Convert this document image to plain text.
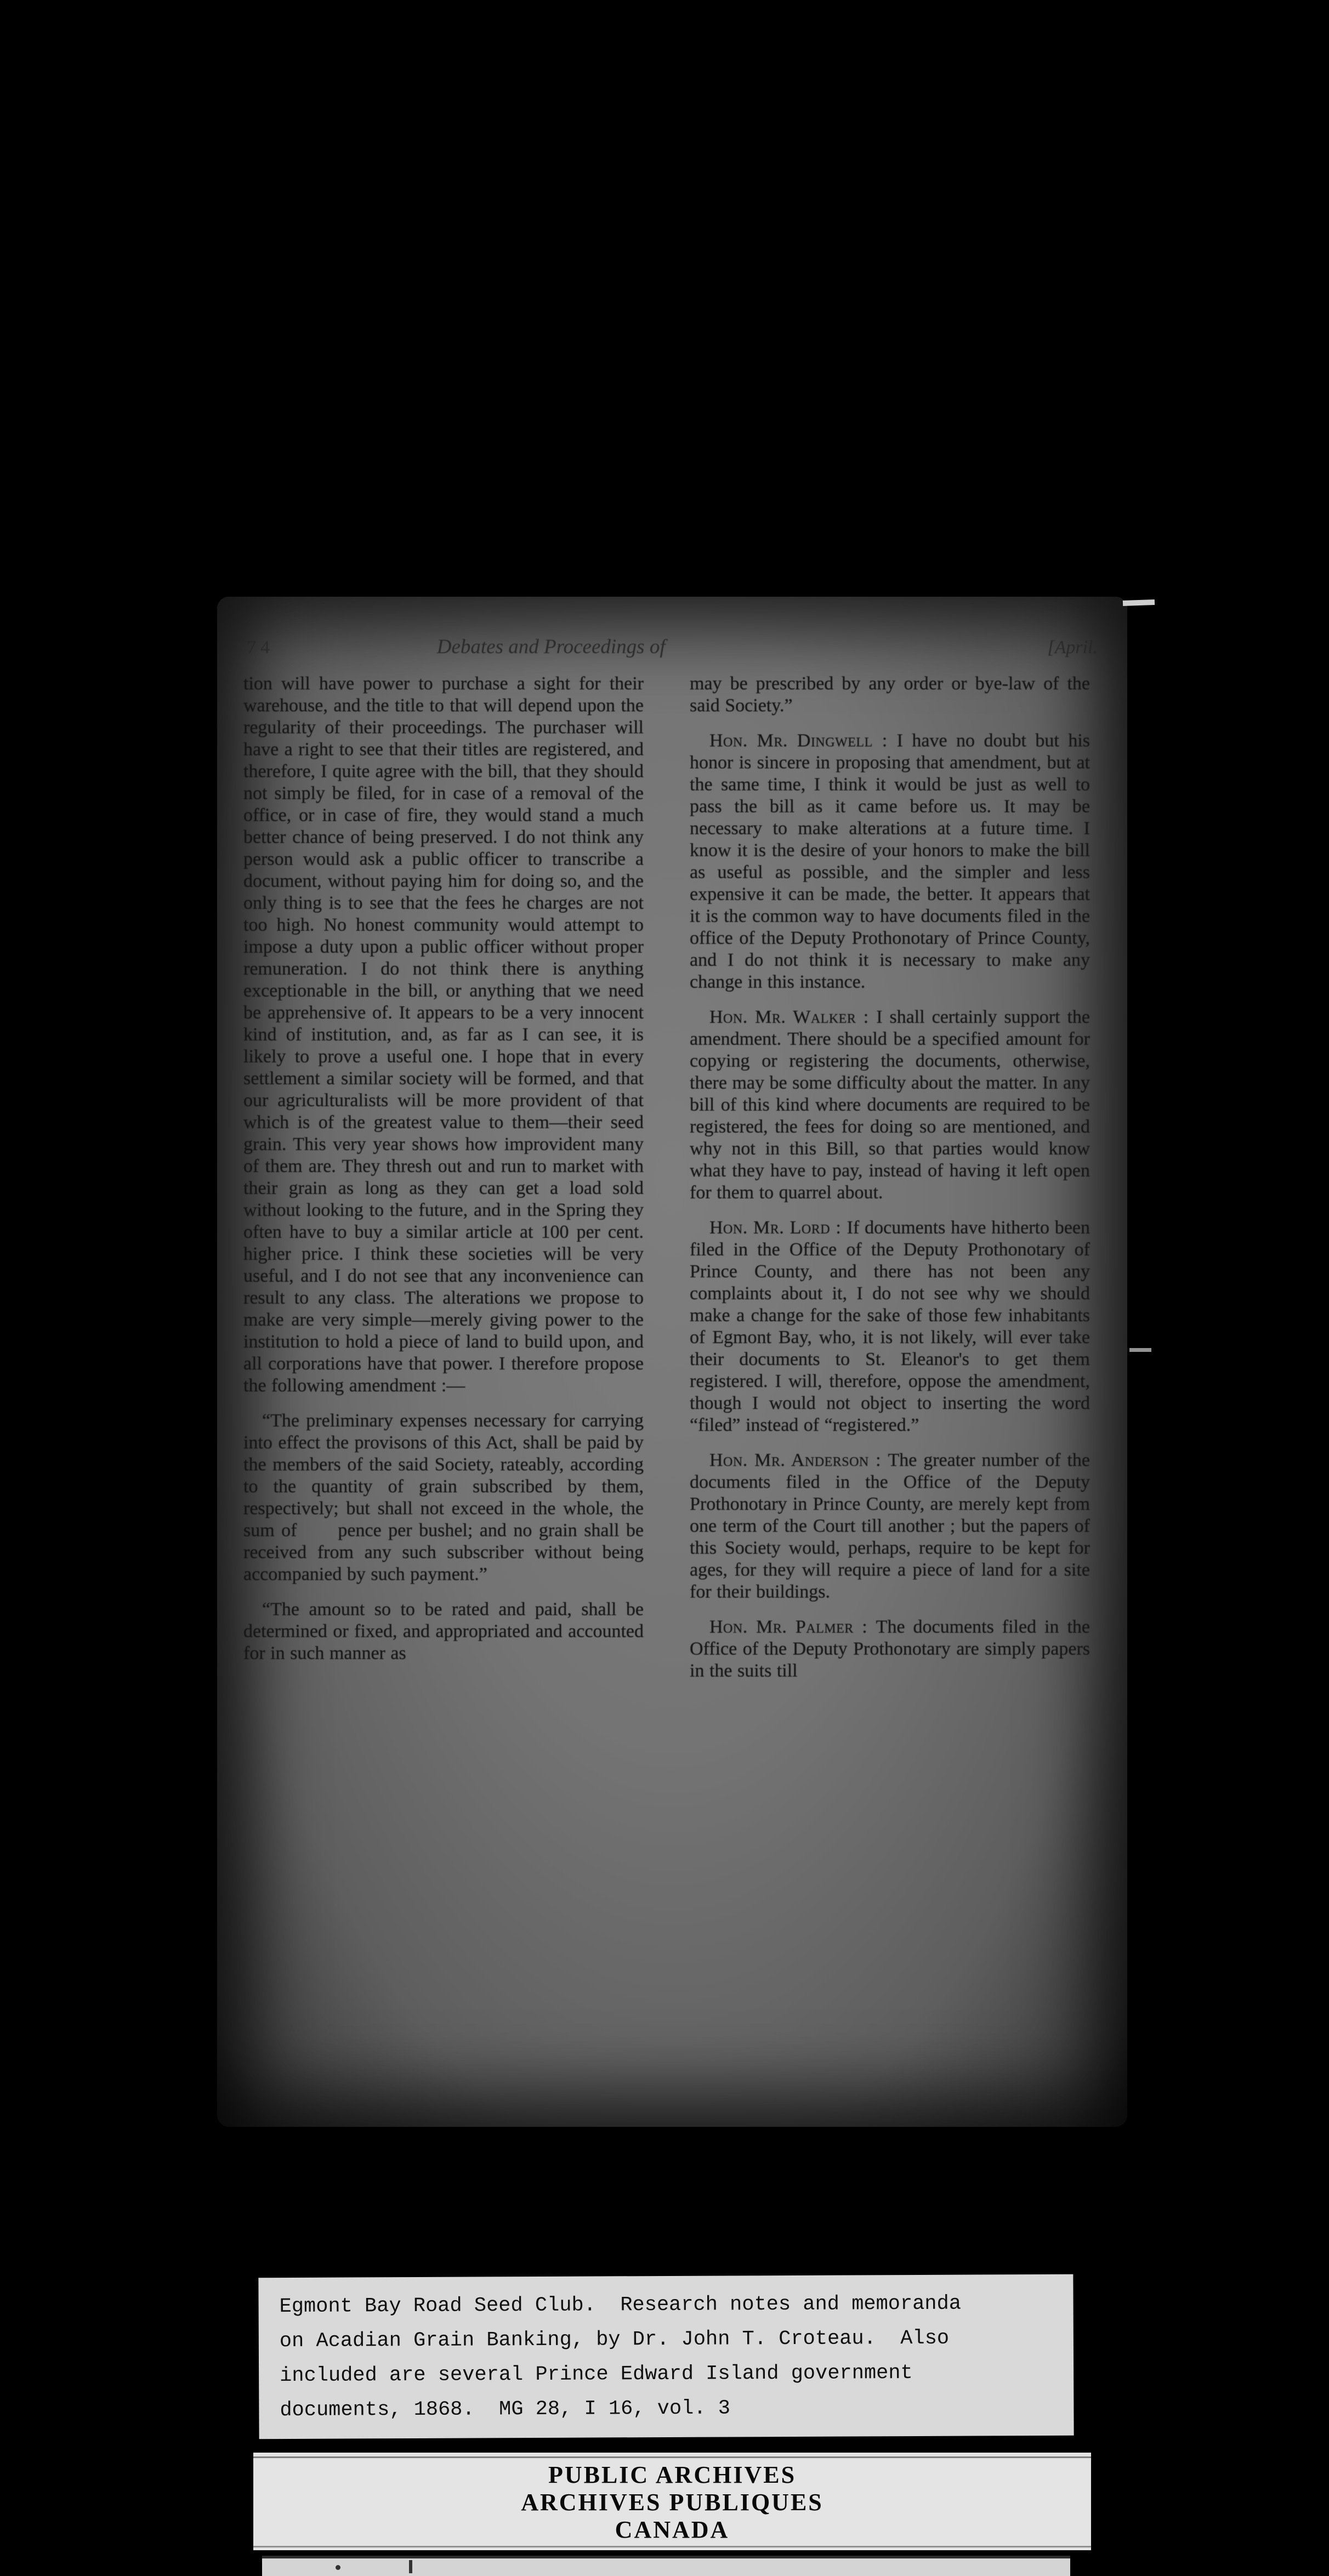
74	Debates and Proceedings of	[April.

tion will have power to purchase a sight for their warehouse, and the title to that will depend upon the regularity of their proceedings. The purchaser will have a right to see that their titles are registered, and therefore, I quite agree with the bill, that they should not simply be filed, for in case of a removal of the office, or in case of fire, they would stand a much better chance of being preserved. I do not think any person would ask a public officer to transcribe a document, without paying him for doing so, and the only thing is to see that the fees he charges are not too high. No honest community would attempt to impose a duty upon a public officer without proper remuneration. I do not think there is anything exceptionable in the bill, or anything that we need be apprehensive of. It appears to be a very innocent kind of institution, and, as far as I can see, it is likely to prove a useful one. I hope that in every settlement a similar society will be formed, and that our agriculturalists will be more provident of that which is of the greatest value to them—their seed grain. This very year shows how improvident many of them are. They thresh out and run to market with their grain as long as they can get a load sold without looking to the future, and in the Spring they often have to buy a similar article at 100 per cent. higher price. I think these societies will be very useful, and I do not see that any inconvenience can result to any class. The alterations we propose to make are very simple—merely giving power to the institution to hold a piece of land to build upon, and all corporations have that power. I therefore propose the following amendment :—

“The preliminary expenses necessary for carrying into effect the provisons of this Act, shall be paid by the members of the said Society, rateably, according to the quantity of grain subscribed by them, respectively; but shall not exceed in the whole, the sum of      pence per bushel; and no grain shall be received from any such subscriber without being accompanied by such payment.”

“The amount so to be rated and paid, shall be determined or fixed, and appropriated and accounted for in such manner as

may be prescribed by any order or bye-law of the said Society.”

Hon. Mr. Dingwell : I have no doubt but his honor is sincere in proposing that amendment, but at the same time, I think it would be just as well to pass the bill as it came before us. It may be necessary to make alterations at a future time. I know it is the desire of your honors to make the bill as useful as possible, and the simpler and less expensive it can be made, the better. It appears that it is the common way to have documents filed in the office of the Deputy Prothonotary of Prince County, and I do not think it is necessary to make any change in this instance.

Hon. Mr. Walker : I shall certainly support the amendment. There should be a specified amount for copying or registering the documents, otherwise, there may be some difficulty about the matter. In any bill of this kind where documents are required to be registered, the fees for doing so are mentioned, and why not in this Bill, so that parties would know what they have to pay, instead of having it left open for them to quarrel about.

Hon. Mr. Lord : If documents have hitherto been filed in the Office of the Deputy Prothonotary of Prince County, and there has not been any complaints about it, I do not see why we should make a change for the sake of those few inhabitants of Egmont Bay, who, it is not likely, will ever take their documents to St. Eleanor's to get them registered. I will, therefore, oppose the amendment, though I would not object to inserting the word “filed” instead of “registered.”

Hon. Mr. Anderson : The greater number of the documents filed in the Office of the Deputy Prothonotary in Prince County, are merely kept from one term of the Court till another ; but the papers of this Society would, perhaps, require to be kept for ages, for they will require a piece of land for a site for their buildings.

Hon. Mr. Palmer : The documents filed in the Office of the Deputy Prothonotary are simply papers in the suits till

Egmont Bay Road Seed Club.  Research notes and memoranda
on Acadian Grain Banking, by Dr. John T. Croteau.  Also
included are several Prince Edward Island government
documents, 1868.  MG 28, I 16, vol. 3
PUBLIC ARCHIVES
ARCHIVES PUBLIQUES
CANADA
